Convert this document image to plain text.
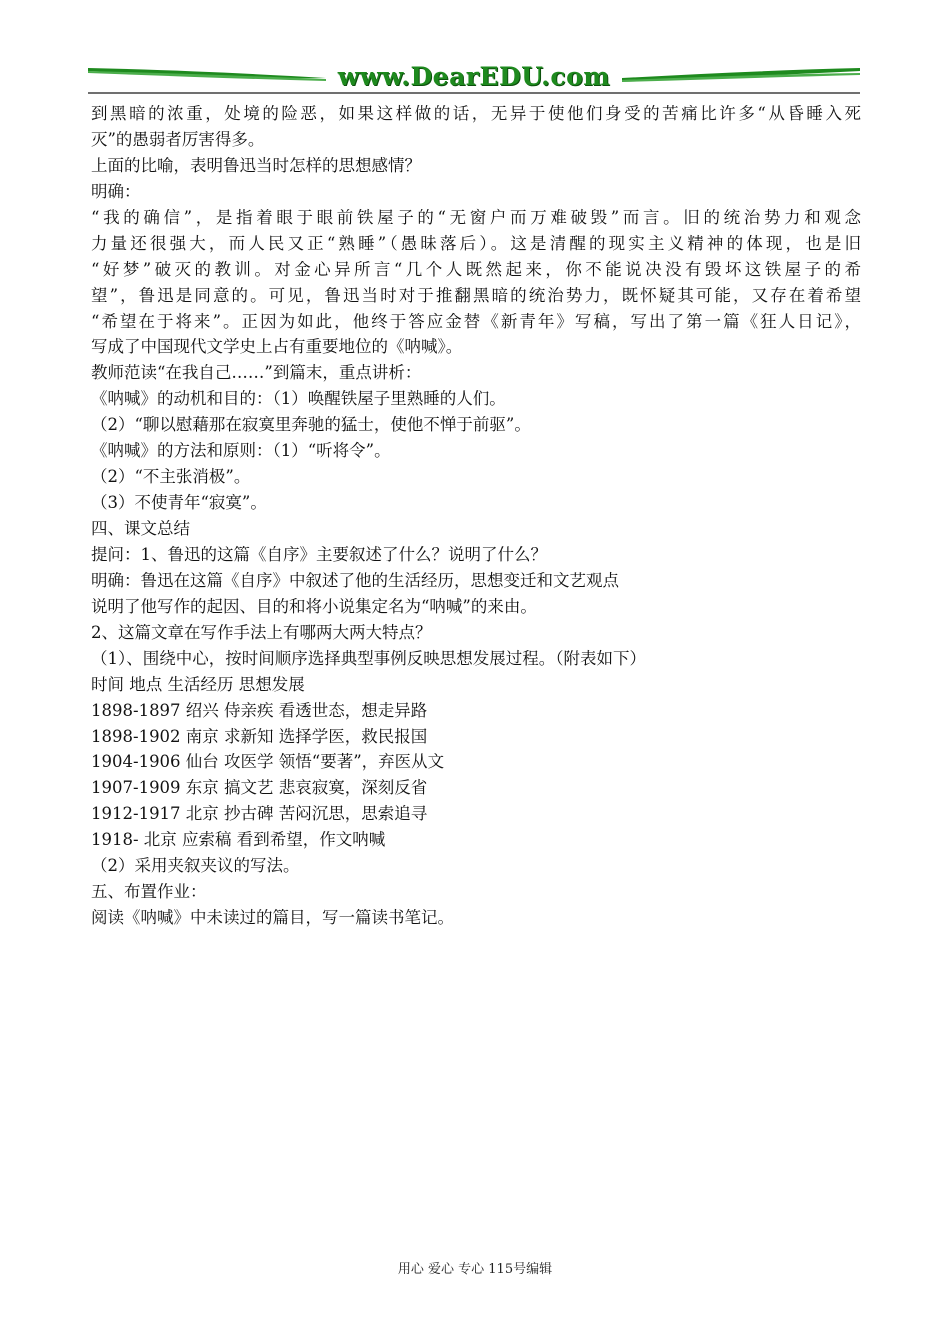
www.DearEDU.com
到黑暗的浓重，处境的险恶，如果这样做的话，无异于使他们身受的苦痛比许多“从昏睡入死
灭”的愚弱者厉害得多。
上面的比喻，表明鲁迅当时怎样的思想感情？
明确：
“我的确信”，是指着眼于眼前铁屋子的“无窗户而万难破毁”而言。旧的统治势力和观念
力量还很强大，而人民又正“熟睡”（愚昧落后）。这是清醒的现实主义精神的体现，也是旧
“好梦”破灭的教训。对金心异所言“几个人既然起来，你不能说决没有毁坏这铁屋子的希
望”，鲁迅是同意的。可见，鲁迅当时对于推翻黑暗的统治势力，既怀疑其可能，又存在着希望
“希望在于将来”。正因为如此，他终于答应金替《新青年》写稿，写出了第一篇《狂人日记》，
写成了中国现代文学史上占有重要地位的《呐喊》。
教师范读“在我自己……”到篇末，重点讲析：
《呐喊》的动机和目的：（1）唤醒铁屋子里熟睡的人们。
（2）“聊以慰藉那在寂寞里奔驰的猛士，使他不惮于前驱”。
《呐喊》的方法和原则：（1）“听将令”。
（2）“不主张消极”。
（3）不使青年“寂寞”。
四、课文总结
提问：1、鲁迅的这篇《自序》主要叙述了什么？说明了什么？
明确：鲁迅在这篇《自序》中叙述了他的生活经历，思想变迁和文艺观点
说明了他写作的起因、目的和将小说集定名为“呐喊”的来由。
2、这篇文章在写作手法上有哪两大两大特点？
（1）、围绕中心，按时间顺序选择典型事例反映思想发展过程。（附表如下）
时间 地点 生活经历 思想发展
1898-1897 绍兴 侍亲疾 看透世态，想走异路
1898-1902 南京 求新知 选择学医，救民报国
1904-1906 仙台 攻医学 领悟“要著”，弃医从文
1907-1909 东京 搞文艺 悲哀寂寞，深刻反省
1912-1917 北京 抄古碑 苦闷沉思，思索追寻
1918- 北京 应索稿 看到希望，作文呐喊
（2）采用夹叙夹议的写法。
五、布置作业：
阅读《呐喊》中未读过的篇目，写一篇读书笔记。
用心 爱心 专心 115号编辑
